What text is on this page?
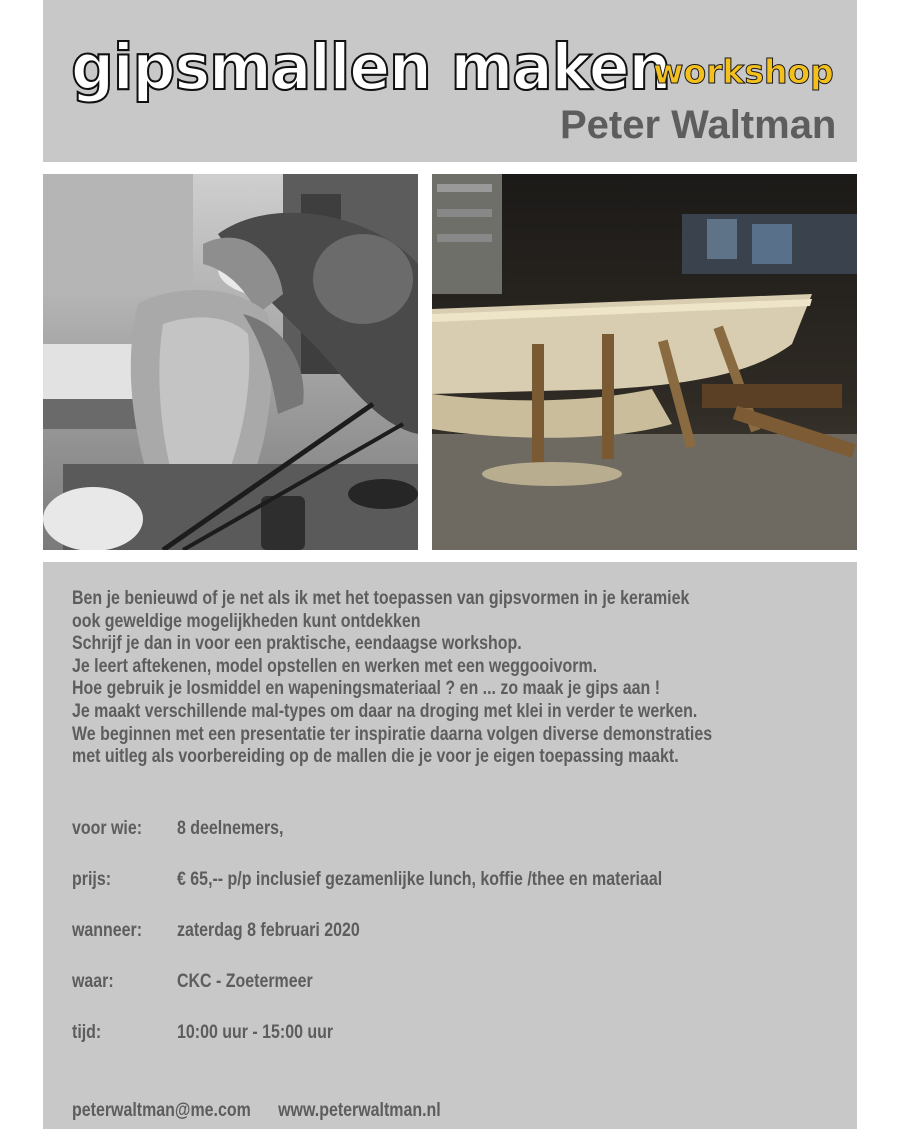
gipsmallen maken
workshop
Peter Waltman
Ben je benieuwd of je net als ik met het toepassen van gipsvormen in je keramiek
ook geweldige mogelijkheden kunt ontdekken
Schrijf je dan in voor een praktische, eendaagse workshop.
Je leert aftekenen, model opstellen en werken met een weggooivorm.
Hoe gebruik je losmiddel en wapeningsmateriaal ? en ... zo maak je gips aan !
Je maakt verschillende mal-types om daar na droging met klei in verder te werken.
We beginnen met een presentatie ter inspiratie daarna volgen diverse demonstraties
met uitleg als voorbereiding op de mallen die je voor je eigen toepassing maakt.
voor wie: 8 deelnemers,
prijs:	€ 65,-- p/p inclusief gezamenlijke lunch, koffie /thee en materiaal
wanneer: zaterdag 8 februari 2020
waar:	CKC - Zoetermeer
tijd:	10:00 uur - 15:00 uur
peterwaltman@me.com www.peterwaltman.nl
